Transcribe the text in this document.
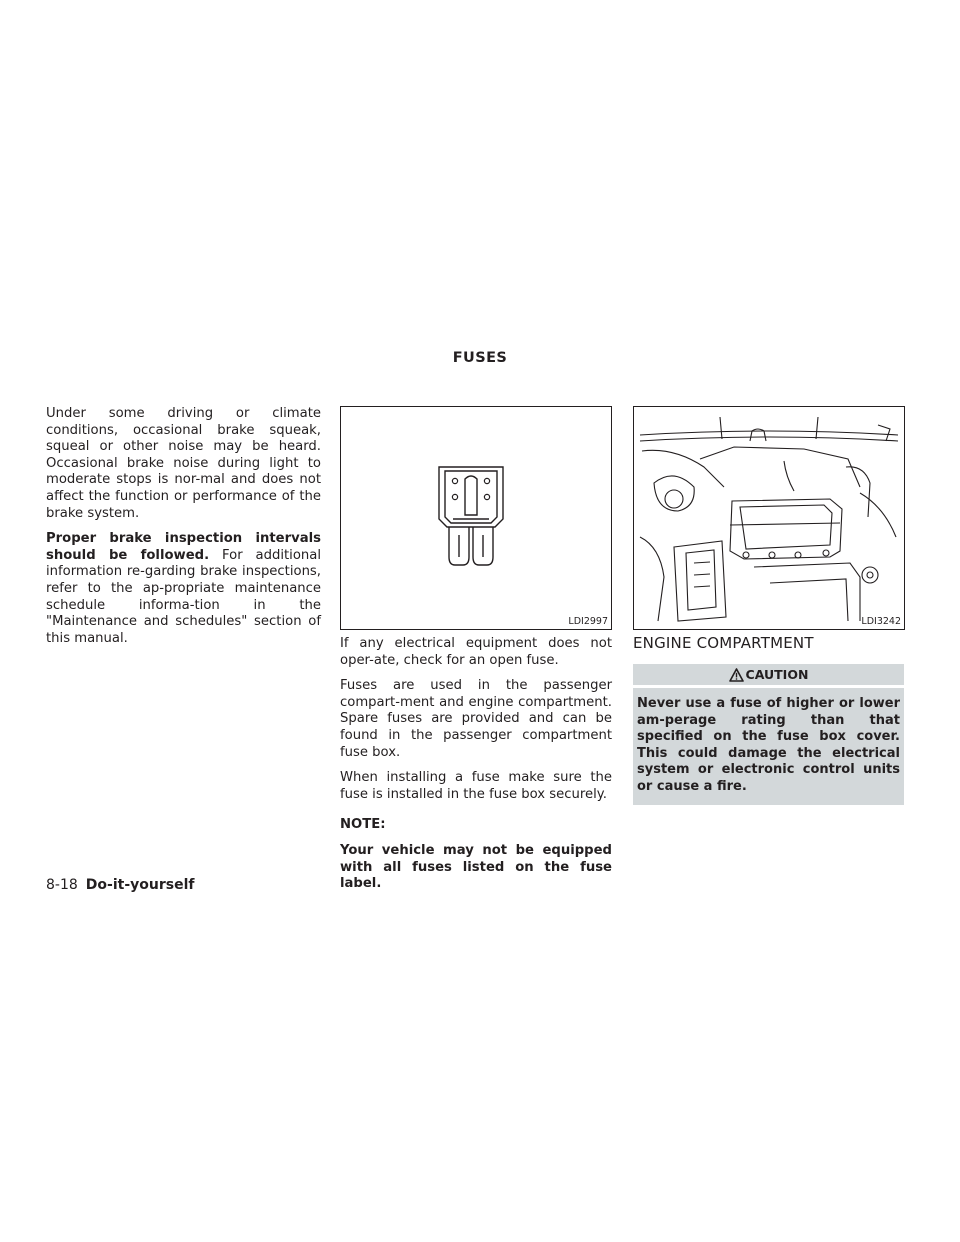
FUSES

Under some driving or climate conditions, occasional brake squeak, squeal or other noise may be heard. Occasional brake noise during light to moderate stops is nor-mal and does not affect the function or performance of the brake system.

Proper brake inspection intervals should be followed. For additional information re-garding brake inspections, refer to the ap-propriate maintenance schedule informa-tion in the "Maintenance and schedules" section of this manual.

LDI2997	LDI3242

If any electrical equipment does not oper-ate, check for an open fuse.

Fuses are used in the passenger compart-ment and engine compartment. Spare fuses are provided and can be found in the passenger compartment fuse box.

When installing a fuse make sure the fuse is installed in the fuse box securely.

NOTE:

Your vehicle may not be equipped with all fuses listed on the fuse label.

ENGINE COMPARTMENT
CAUTION
Never use a fuse of higher or lower am-perage rating than that specified on the fuse box cover. This could damage the electrical system or electronic control units or cause a fire.
8-18 Do-it-yourself
